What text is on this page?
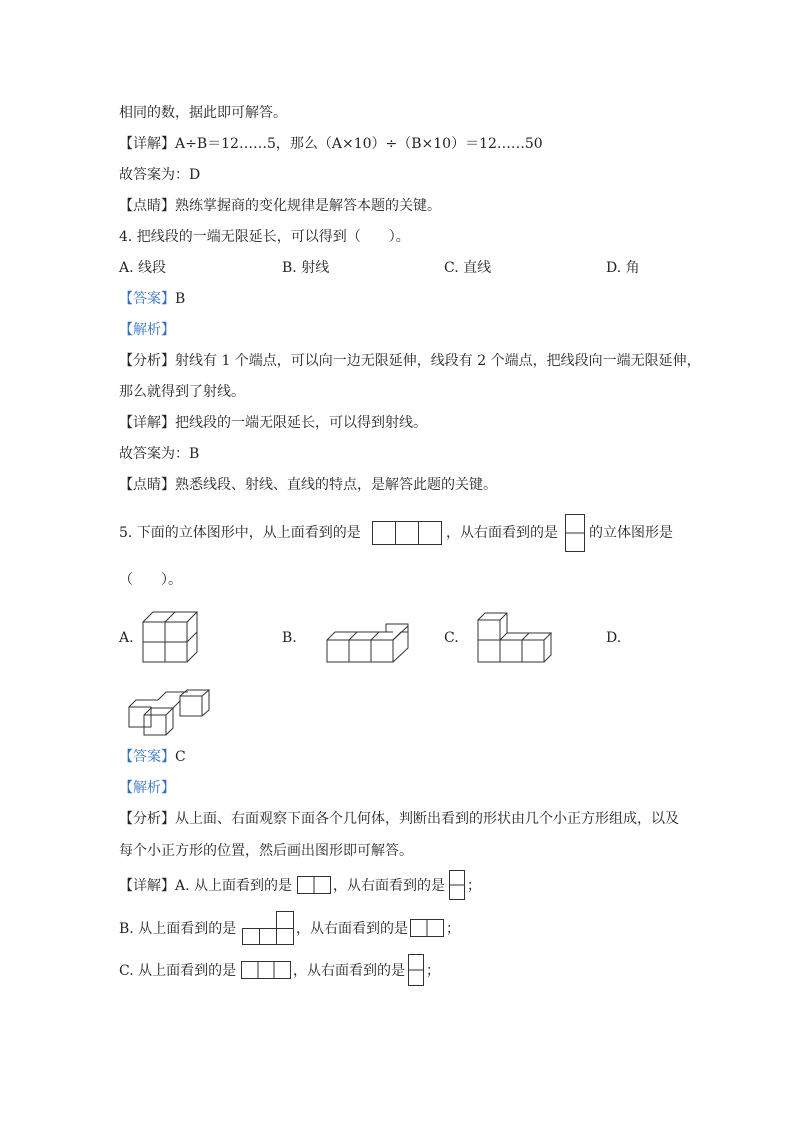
相同的数，据此即可解答。
【详解】A÷B＝12……5，那么（A×10）÷（B×10）＝12……50
故答案为：D
【点睛】熟练掌握商的变化规律是解答本题的关键。
4. 把线段的一端无限延长，可以得到（　　）。
A. 线段	B. 射线	C. 直线	D. 角
【答案】B
【解析】
【分析】射线有 1 个端点，可以向一边无限延伸，线段有 2 个端点，把线段向一端无限延伸，
那么就得到了射线。
【详解】把线段的一端无限延长，可以得到射线。
故答案为：B
【点睛】熟悉线段、射线、直线的特点，是解答此题的关键。
5. 下面的立体图形中，从上面看到的是	，从右面看到的是 的立体图形是
（　　）。
A.	B.	C.	D.
【答案】C
【解析】
【分析】从上面、右面观察下面各个几何体，判断出看到的形状由几个小正方形组成，以及
每个小正方形的位置，然后画出图形即可解答。
【详解】A. 从上面看到的是	，从右面看到的是 ；
B. 从上面看到的是	，从右面看到的是	；
C. 从上面看到的是	，从右面看到的是 ；
